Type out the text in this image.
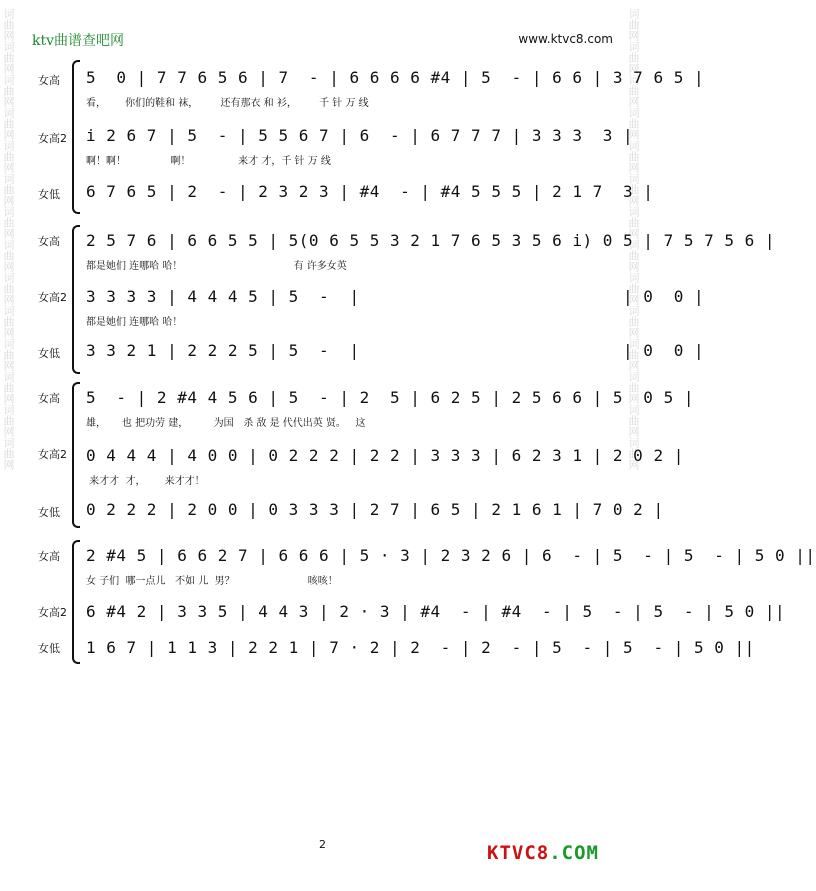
词曲网词曲网词曲网词曲网词曲网词曲网词曲网词曲网词曲网词曲网词曲网词曲网词曲网词曲网	词曲网词曲网词曲网词曲网词曲网词曲网词曲网词曲网词曲网词曲网词曲网词曲网词曲网词曲网
ktv曲谱查吧网	www.ktvc8.com
女高	5  0 | 7 7 6 5 6 | 7  - | 6 6 6 6 #4 | 5  - | 6 6 | 3 7 6 5 |
看，      你们的鞋和 袜，       还有那衣 和 衫，       千 针 万 线
女高2 i 2 6 7 | 5  - | 5 5 6 7 | 6  - | 6 7 7 7 | 3 3 3  3 |
啊！啊！              啊！               来才 才，千 针 万 线
女低	6 7 6 5 | 2  - | 2 3 2 3 | #4  - | #4 5 5 5 | 2 1 7  3 |
女高	2 5 7 6 | 6 6 5 5 | 5(0 6 5 5 3 2 1 7 6 5 3 5 6 i) 0 5 | 7 5 7 5 6 |
都是她们 连哪哈 哈！                                   有 许多女英
女高2 3 3 3 3 | 4 4 4 5 | 5  -  |                          | 0  0 |
都是她们 连哪哈 哈！
女低	3 3 2 1 | 2 2 2 5 | 5  -  |                          | 0  0 |
女高	5  - | 2 #4 4 5 6 | 5  - | 2  5 | 6 2 5 | 2 5 6 6 | 5  0 5 |
雄，     也 把功劳 建，        为国   杀 敌 是 代代出英 贤。   这
女高2 0 4 4 4 | 4 0 0 | 0 2 2 2 | 2 2 | 3 3 3 | 6 2 3 1 | 2 0 2 |
来才才  才，      来才才！
女低	0 2 2 2 | 2 0 0 | 0 3 3 3 | 2 7 | 6 5 | 2 1 6 1 | 7 0 2 |
女高	2 #4 5 | 6 6 2 7 | 6 6 6 | 5 · 3 | 2 3 2 6 | 6  - | 5  - | 5  - | 5 0 ||
女 子们  哪一点儿   不如 儿  男？                       咳咳！
女高2 6 #4 2 | 3 3 5 | 4 4 3 | 2 · 3 | #4  - | #4  - | 5  - | 5  - | 5 0 ||
女低	1 6 7 | 1 1 3 | 2 2 1 | 7 · 2 | 2  - | 2  - | 5  - | 5  - | 5 0 ||
2	KTVC8.COM
